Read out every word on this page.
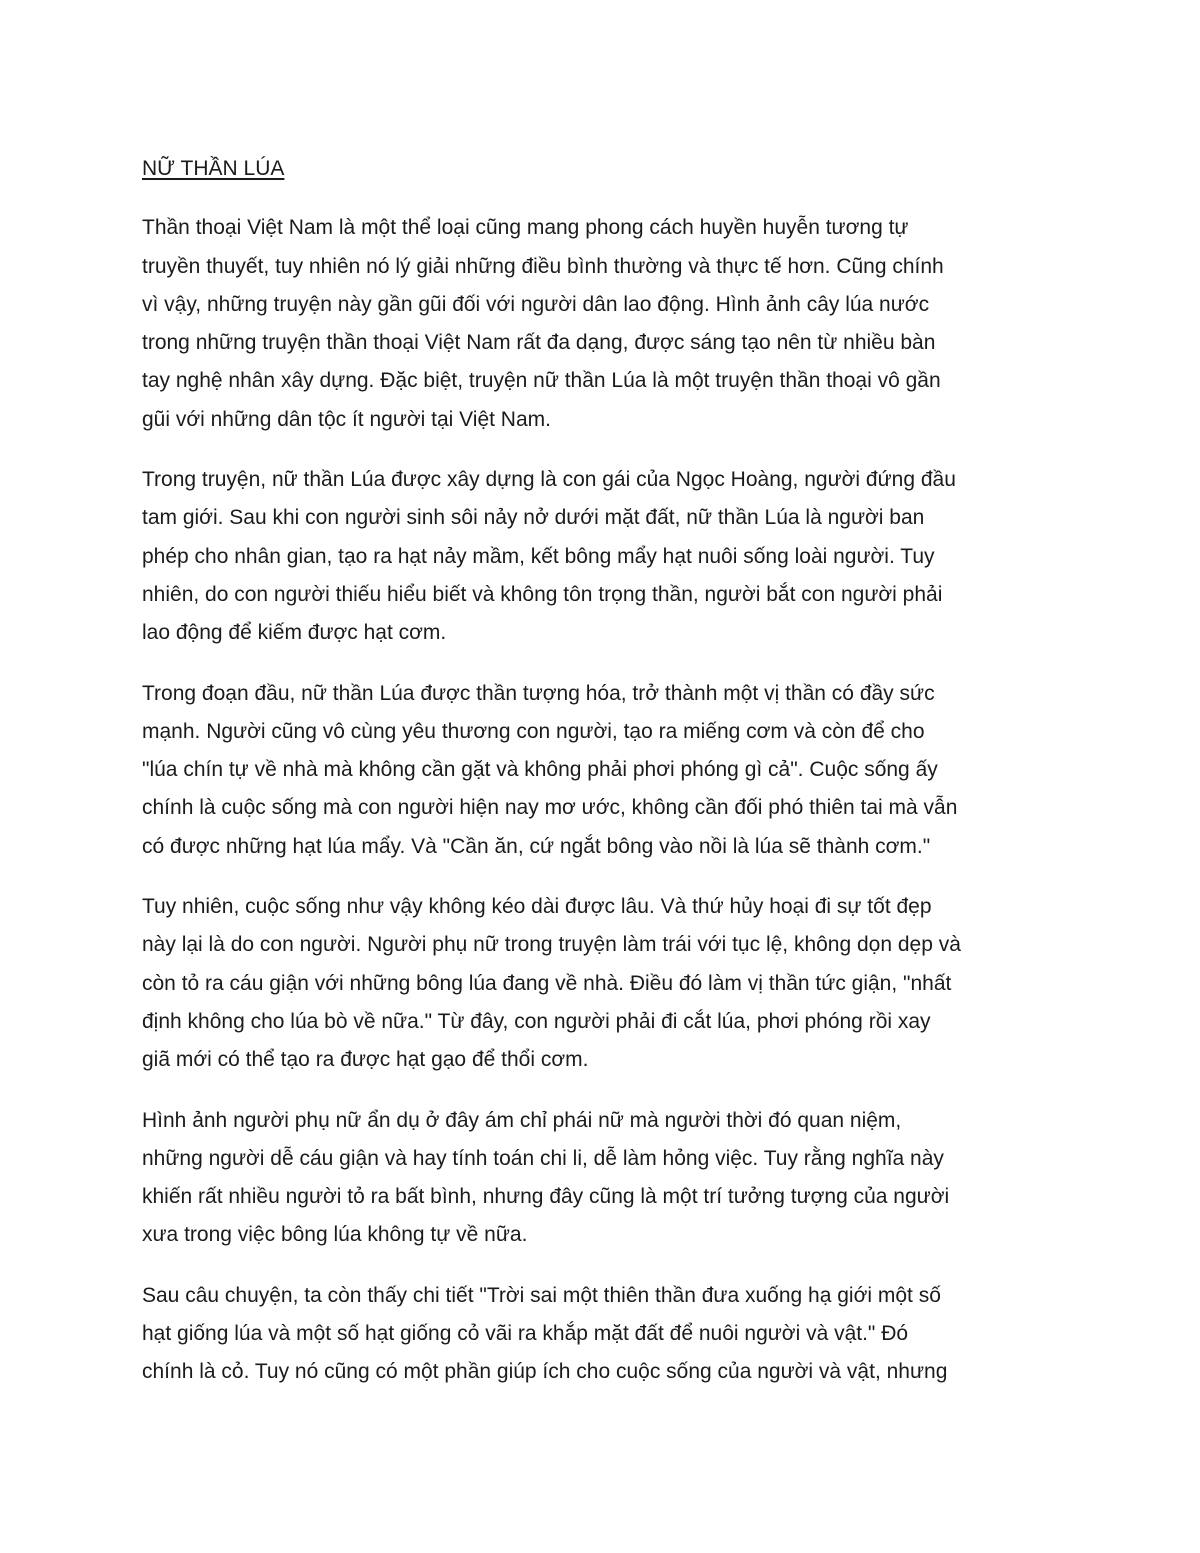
NỮ THẦN LÚA

Thần thoại Việt Nam là một thể loại cũng mang phong cách huyền huyễn tương tự
truyền thuyết, tuy nhiên nó lý giải những điều bình thường và thực tế hơn. Cũng chính
vì vậy, những truyện này gần gũi đối với người dân lao động. Hình ảnh cây lúa nước
trong những truyện thần thoại Việt Nam rất đa dạng, được sáng tạo nên từ nhiều bàn
tay nghệ nhân xây dựng. Đặc biệt, truyện nữ thần Lúa là một truyện thần thoại vô gần
gũi với những dân tộc ít người tại Việt Nam.

Trong truyện, nữ thần Lúa được xây dựng là con gái của Ngọc Hoàng, người đứng đầu
tam giới. Sau khi con người sinh sôi nảy nở dưới mặt đất, nữ thần Lúa là người ban
phép cho nhân gian, tạo ra hạt nảy mầm, kết bông mẩy hạt nuôi sống loài người. Tuy
nhiên, do con người thiếu hiểu biết và không tôn trọng thần, người bắt con người phải
lao động để kiếm được hạt cơm.

Trong đoạn đầu, nữ thần Lúa được thần tượng hóa, trở thành một vị thần có đầy sức
mạnh. Người cũng vô cùng yêu thương con người, tạo ra miếng cơm và còn để cho
"lúa chín tự về nhà mà không cần gặt và không phải phơi phóng gì cả". Cuộc sống ấy
chính là cuộc sống mà con người hiện nay mơ ước, không cần đối phó thiên tai mà vẫn
có được những hạt lúa mẩy. Và "Cần ăn, cứ ngắt bông vào nồi là lúa sẽ thành cơm."

Tuy nhiên, cuộc sống như vậy không kéo dài được lâu. Và thứ hủy hoại đi sự tốt đẹp
này lại là do con người. Người phụ nữ trong truyện làm trái với tục lệ, không dọn dẹp và
còn tỏ ra cáu giận với những bông lúa đang về nhà. Điều đó làm vị thần tức giận, "nhất
định không cho lúa bò về nữa." Từ đây, con người phải đi cắt lúa, phơi phóng rồi xay
giã mới có thể tạo ra được hạt gạo để thổi cơm.

Hình ảnh người phụ nữ ẩn dụ ở đây ám chỉ phái nữ mà người thời đó quan niệm,
những người dễ cáu giận và hay tính toán chi li, dễ làm hỏng việc. Tuy rằng nghĩa này
khiến rất nhiều người tỏ ra bất bình, nhưng đây cũng là một trí tưởng tượng của người
xưa trong việc bông lúa không tự về nữa.

Sau câu chuyện, ta còn thấy chi tiết "Trời sai một thiên thần đưa xuống hạ giới một số
hạt giống lúa và một số hạt giống cỏ vãi ra khắp mặt đất để nuôi người và vật." Đó
chính là cỏ. Tuy nó cũng có một phần giúp ích cho cuộc sống của người và vật, nhưng
